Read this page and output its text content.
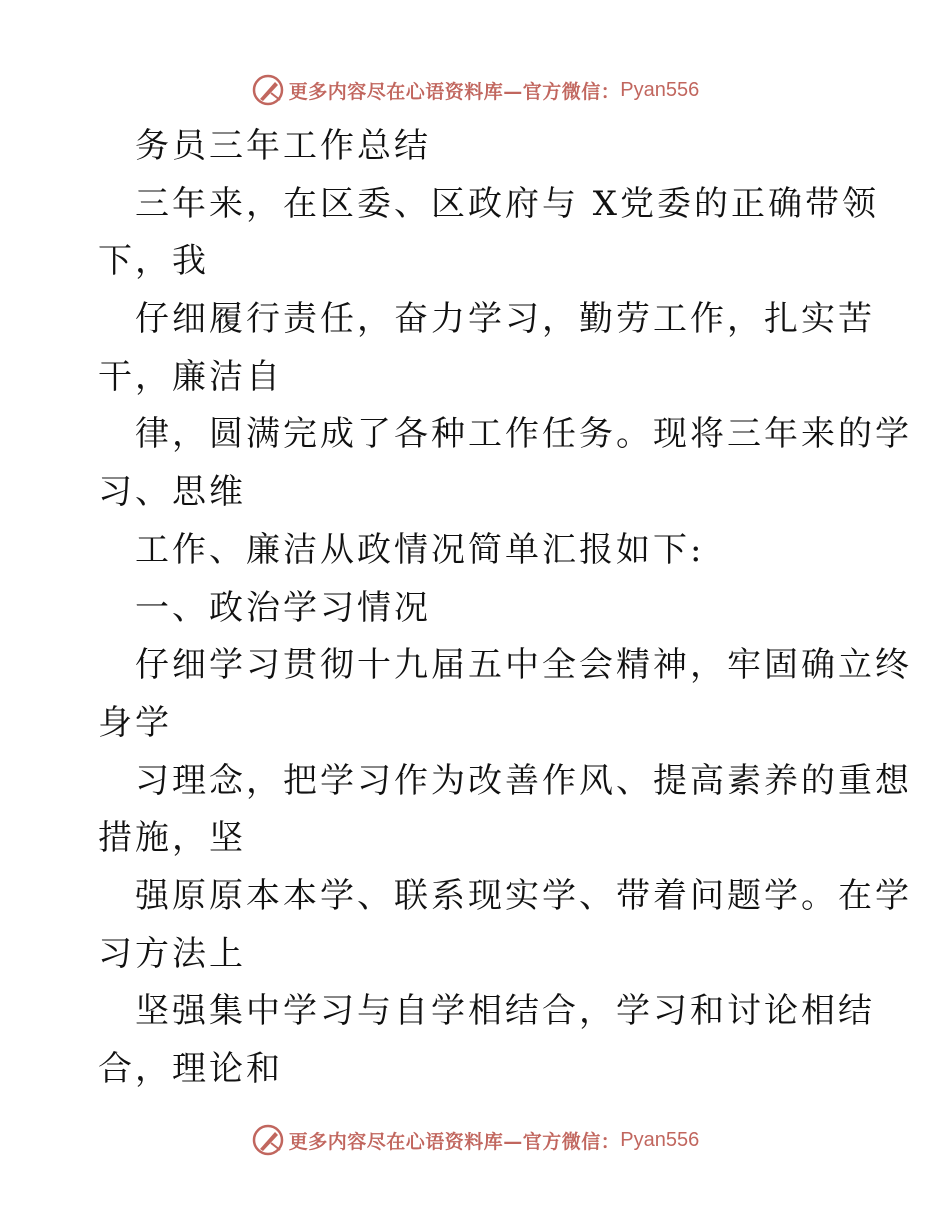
更多内容尽在心语资料库—官方微信： Pyan556
务员三年工作总结
三年来，在区委、区政府与 X党委的正确带领
下，我
仔细履行责任，奋力学习，勤劳工作，扎实苦
干，廉洁自
律，圆满完成了各种工作任务。现将三年来的学
习、思维
工作、廉洁从政情况简单汇报如下:
一、政治学习情况
仔细学习贯彻十九届五中全会精神，牢固确立终
身学
习理念，把学习作为改善作风、提高素养的重想
措施，坚
强原原本本学、联系现实学、带着问题学。在学
习方法上
坚强集中学习与自学相结合，学习和讨论相结
合，理论和
更多内容尽在心语资料库—官方微信： Pyan556
